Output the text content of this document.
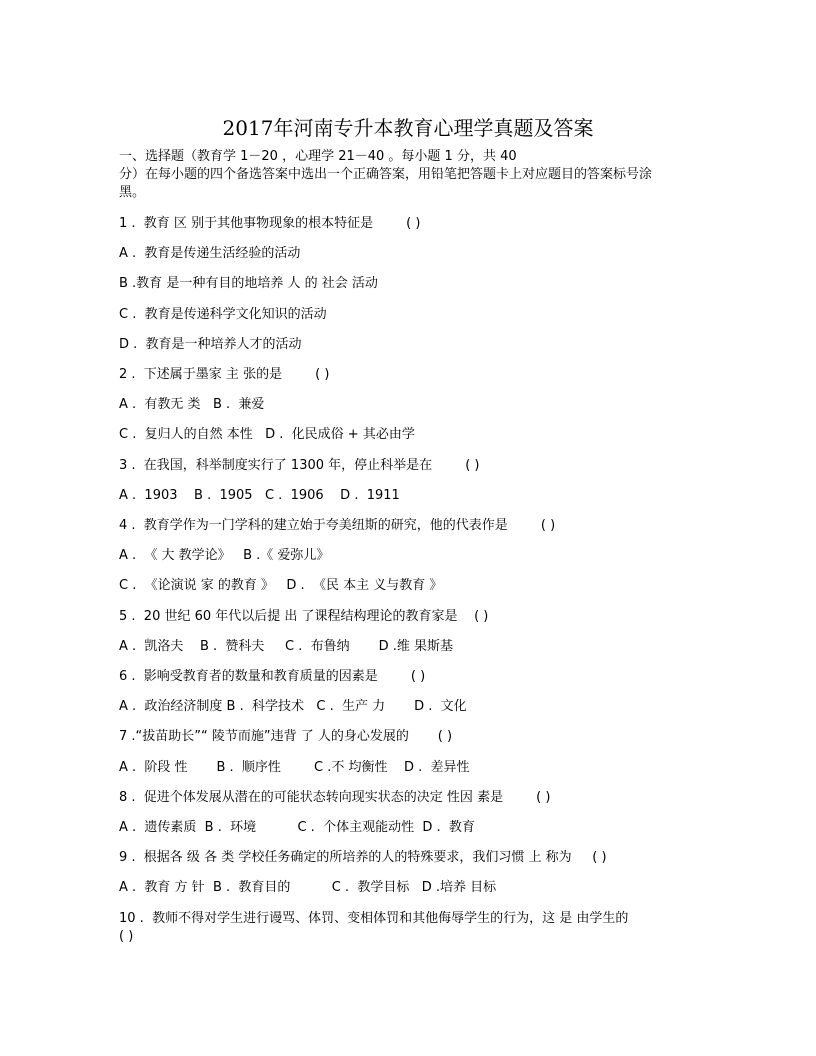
2017年河南专升本教育心理学真题及答案
一、选择题（教育学 1－20 ，心理学 21－40 。每小题 1 分，共 40
分）在每小题的四个备选答案中选出一个正确答案，用铅笔把答题卡上对应题目的答案标号涂
黑。
1 .  教育 区 别于其他事物现象的根本特征是        ( )
A .  教育是传递生活经验的活动
B .教育 是一种有目的地培养 人 的 社会 活动
C .  教育是传递科学文化知识的活动
D .  教育是一种培养人才的活动
2 .  下述属于墨家 主 张的是        ( )
A .  有教无 类   B .  兼爱
C .  复归人的自然 本性   D .  化民成俗 + 其必由学
3 .  在我国，科举制度实行了 1300 年，停止科举是在        ( )
A .  1903    B .  1905   C .  1906    D .  1911
4 .  教育学作为一门学科的建立始于夸美纽斯的研究，他的代表作是        ( )
A .  《 大 教学论》   B .《 爱弥儿》
C .  《论演说 家 的教育 》   D .  《民 本主 义与教育 》
5 .  20 世纪 60 年代以后提 出 了课程结构理论的教育家是    ( )
A .  凯洛夫    B .  赞科夫     C .  布鲁纳       D .维 果斯基
6 .  影响受教育者的数量和教育质量的因素是        ( )
A .  政治经济制度 B .  科学技术   C .  生产 力       D .  文化
7 .“拔苗助长”“ 陵节而施”违背 了 人的身心发展的       ( )
A .  阶段 性       B .  顺序性        C .不 均衡性    D .  差异性
8 .  促进个体发展从潜在的可能状态转向现实状态的决定 性因 素是        ( )
A .  遗传素质  B .  环境          C .  个体主观能动性  D .  教育
9 .  根据各 级 各 类 学校任务确定的所培养的人的特殊要求，我们习惯 上 称为     ( )
A .  教育 方 针  B .  教育目的          C .  教学目标   D .培养 目标
10 .  教师不得对学生进行谩骂、体罚、变相体罚和其他侮辱学生的行为，这 是 由学生的
( )
